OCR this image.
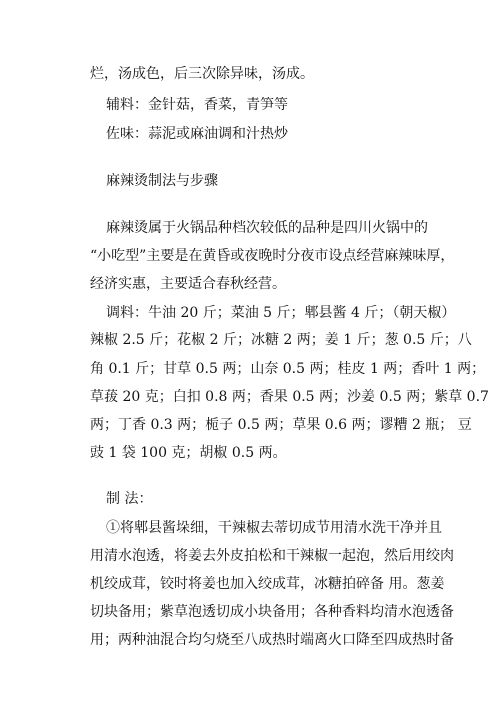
烂，汤成色，后三次除异味，汤成。
辅料：金针菇，香菜，青笋等
佐味：蒜泥或麻油调和汁热炒
麻辣烫制法与步骤
麻辣烫属于火锅品种档次较低的品种是四川火锅中的
“小吃型”主要是在黄昏或夜晚时分夜市设点经营麻辣味厚，
经济实惠，主要适合春秋经营。
调料：牛油 20 斤；菜油 5 斤；郫县酱 4 斤；（朝天椒）
辣椒 2.5 斤；花椒 2 斤；冰糖 2 两；姜 1 斤；葱 0.5 斤；八
角 0.1 斤；甘草 0.5 两；山奈 0.5 两；桂皮 1 两；香叶 1 两；
草菝 20 克；白扣 0.8 两；香果 0.5 两；沙姜 0.5 两；紫草 0.7
两；丁香 0.3 两；栀子 0.5 两；草果 0.6 两；谬糟 2 瓶； 豆
豉 1 袋 100 克；胡椒 0.5 两。
制 法：
①将郫县酱垛细，干辣椒去蒂切成节用清水洗干净并且
用清水泡透，将姜去外皮拍松和干辣椒一起泡，然后用绞肉
机绞成茸，铰时将姜也加入绞成茸，冰糖拍碎备 用。葱姜
切块备用；紫草泡透切成小块备用；各种香料均清水泡透备
用；两种油混合均匀烧至八成热时端离火口降至四成热时备
